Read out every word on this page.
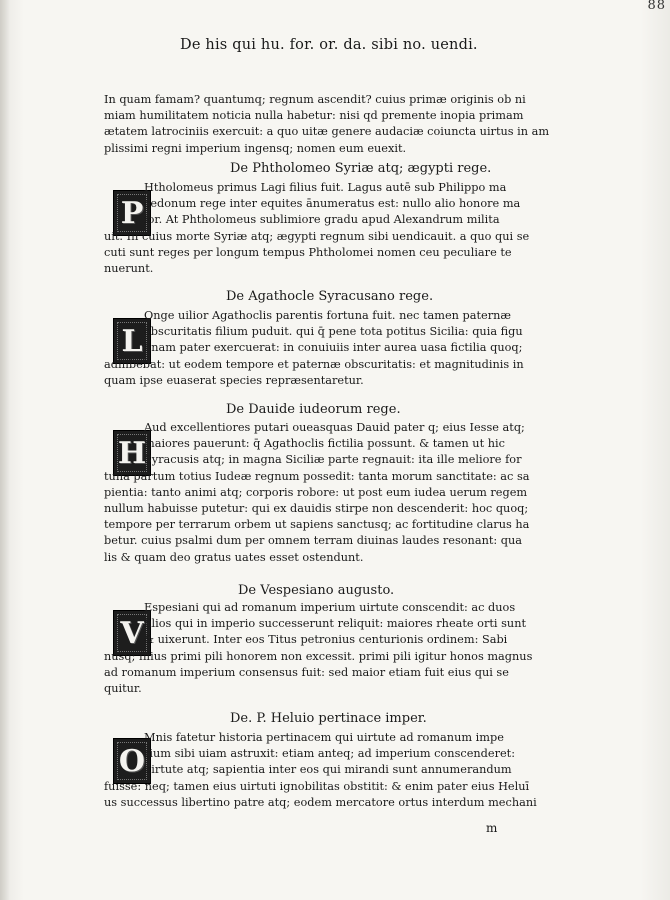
88
De his qui hu. for. or. da. sibi no. uendi.
In quam famam? quantumq; regnum ascendit? cuius primæ originis ob ni
miam humilitatem noticia nulla habetur: nisi qd premente inopia primam
ætatem latrociniis exercuit: a quo uitæ genere audaciæ coiuncta uirtus in am
plissimi regni imperium ingensq; nomen eum euexit.
De Phtholomeo Syriæ atq; ægypti rege.
P
Htholomeus primus Lagi filius fuit. Lagus autē sub Philippo ma
cedonum rege inter equites ānumeratus est: nullo alio honore ma
ior. At Phtholomeus sublimiore gradu apud Alexandrum milita
uit. In cuius morte Syriæ atq; ægypti regnum sibi uendicauit. a quo qui se
cuti sunt reges per longum tempus Phtholomei nomen ceu peculiare te
nuerunt.
De Agathocle Syracusano rege.
L
Onge uilior Agathoclis parentis fortuna fuit. nec tamen paternæ
obscuritatis filium puduit. qui q̄ pene tota potitus Sicilia: quia figu
linam pater exercuerat: in conuiuiis inter aurea uasa fictilia quoq;
adhibebat: ut eodem tempore et paternæ obscuritatis: et magnitudinis in
quam ipse euaserat species repræsentaretur.
De Dauide iudeorum rege.
H
Aud excellentiores putari oueasquas Dauid pater q; eius Iesse atq;
maiores pauerunt: q̄ Agathoclis fictilia possunt. & tamen ut hic
Syracusis atq; in magna Siciliæ parte regnauit: ita ille meliore for
tuna partum totius Iudeæ regnum possedit: tanta morum sanctitate: ac sa
pientia: tanto animi atq; corporis robore: ut post eum iudea uerum regem
nullum habuisse putetur: qui ex dauidis stirpe non descenderit: hoc quoq;
tempore per terrarum orbem ut sapiens sanctusq; ac fortitudine clarus ha
betur. cuius psalmi dum per omnem terram diuinas laudes resonant: qua
lis & quam deo gratus uates esset ostendunt.
De Vespesiano augusto.
V
Espesiani qui ad romanum imperium uirtute conscendit: ac duos
filios qui in imperio successerunt reliquit: maiores rheate orti sunt
& uixerunt. Inter eos Titus petronius centurionis ordinem: Sabi
nusq; filius primi pili honorem non excessit. primi pili igitur honos magnus
ad romanum imperium consensus fuit: sed maior etiam fuit eius qui se
quitur.
De. P. Heluio pertinace imper.
O
Mnis fatetur historia pertinacem qui uirtute ad romanum impe
rium sibi uiam astruxit: etiam anteq; ad imperium conscenderet:
uirtute atq; sapientia inter eos qui mirandi sunt annumerandum
fuisse: neq; tamen eius uirtuti ignobilitas obstitit: & enim pater eius Heluī
us successus libertino patre atq; eodem mercatore ortus interdum mechani
m
